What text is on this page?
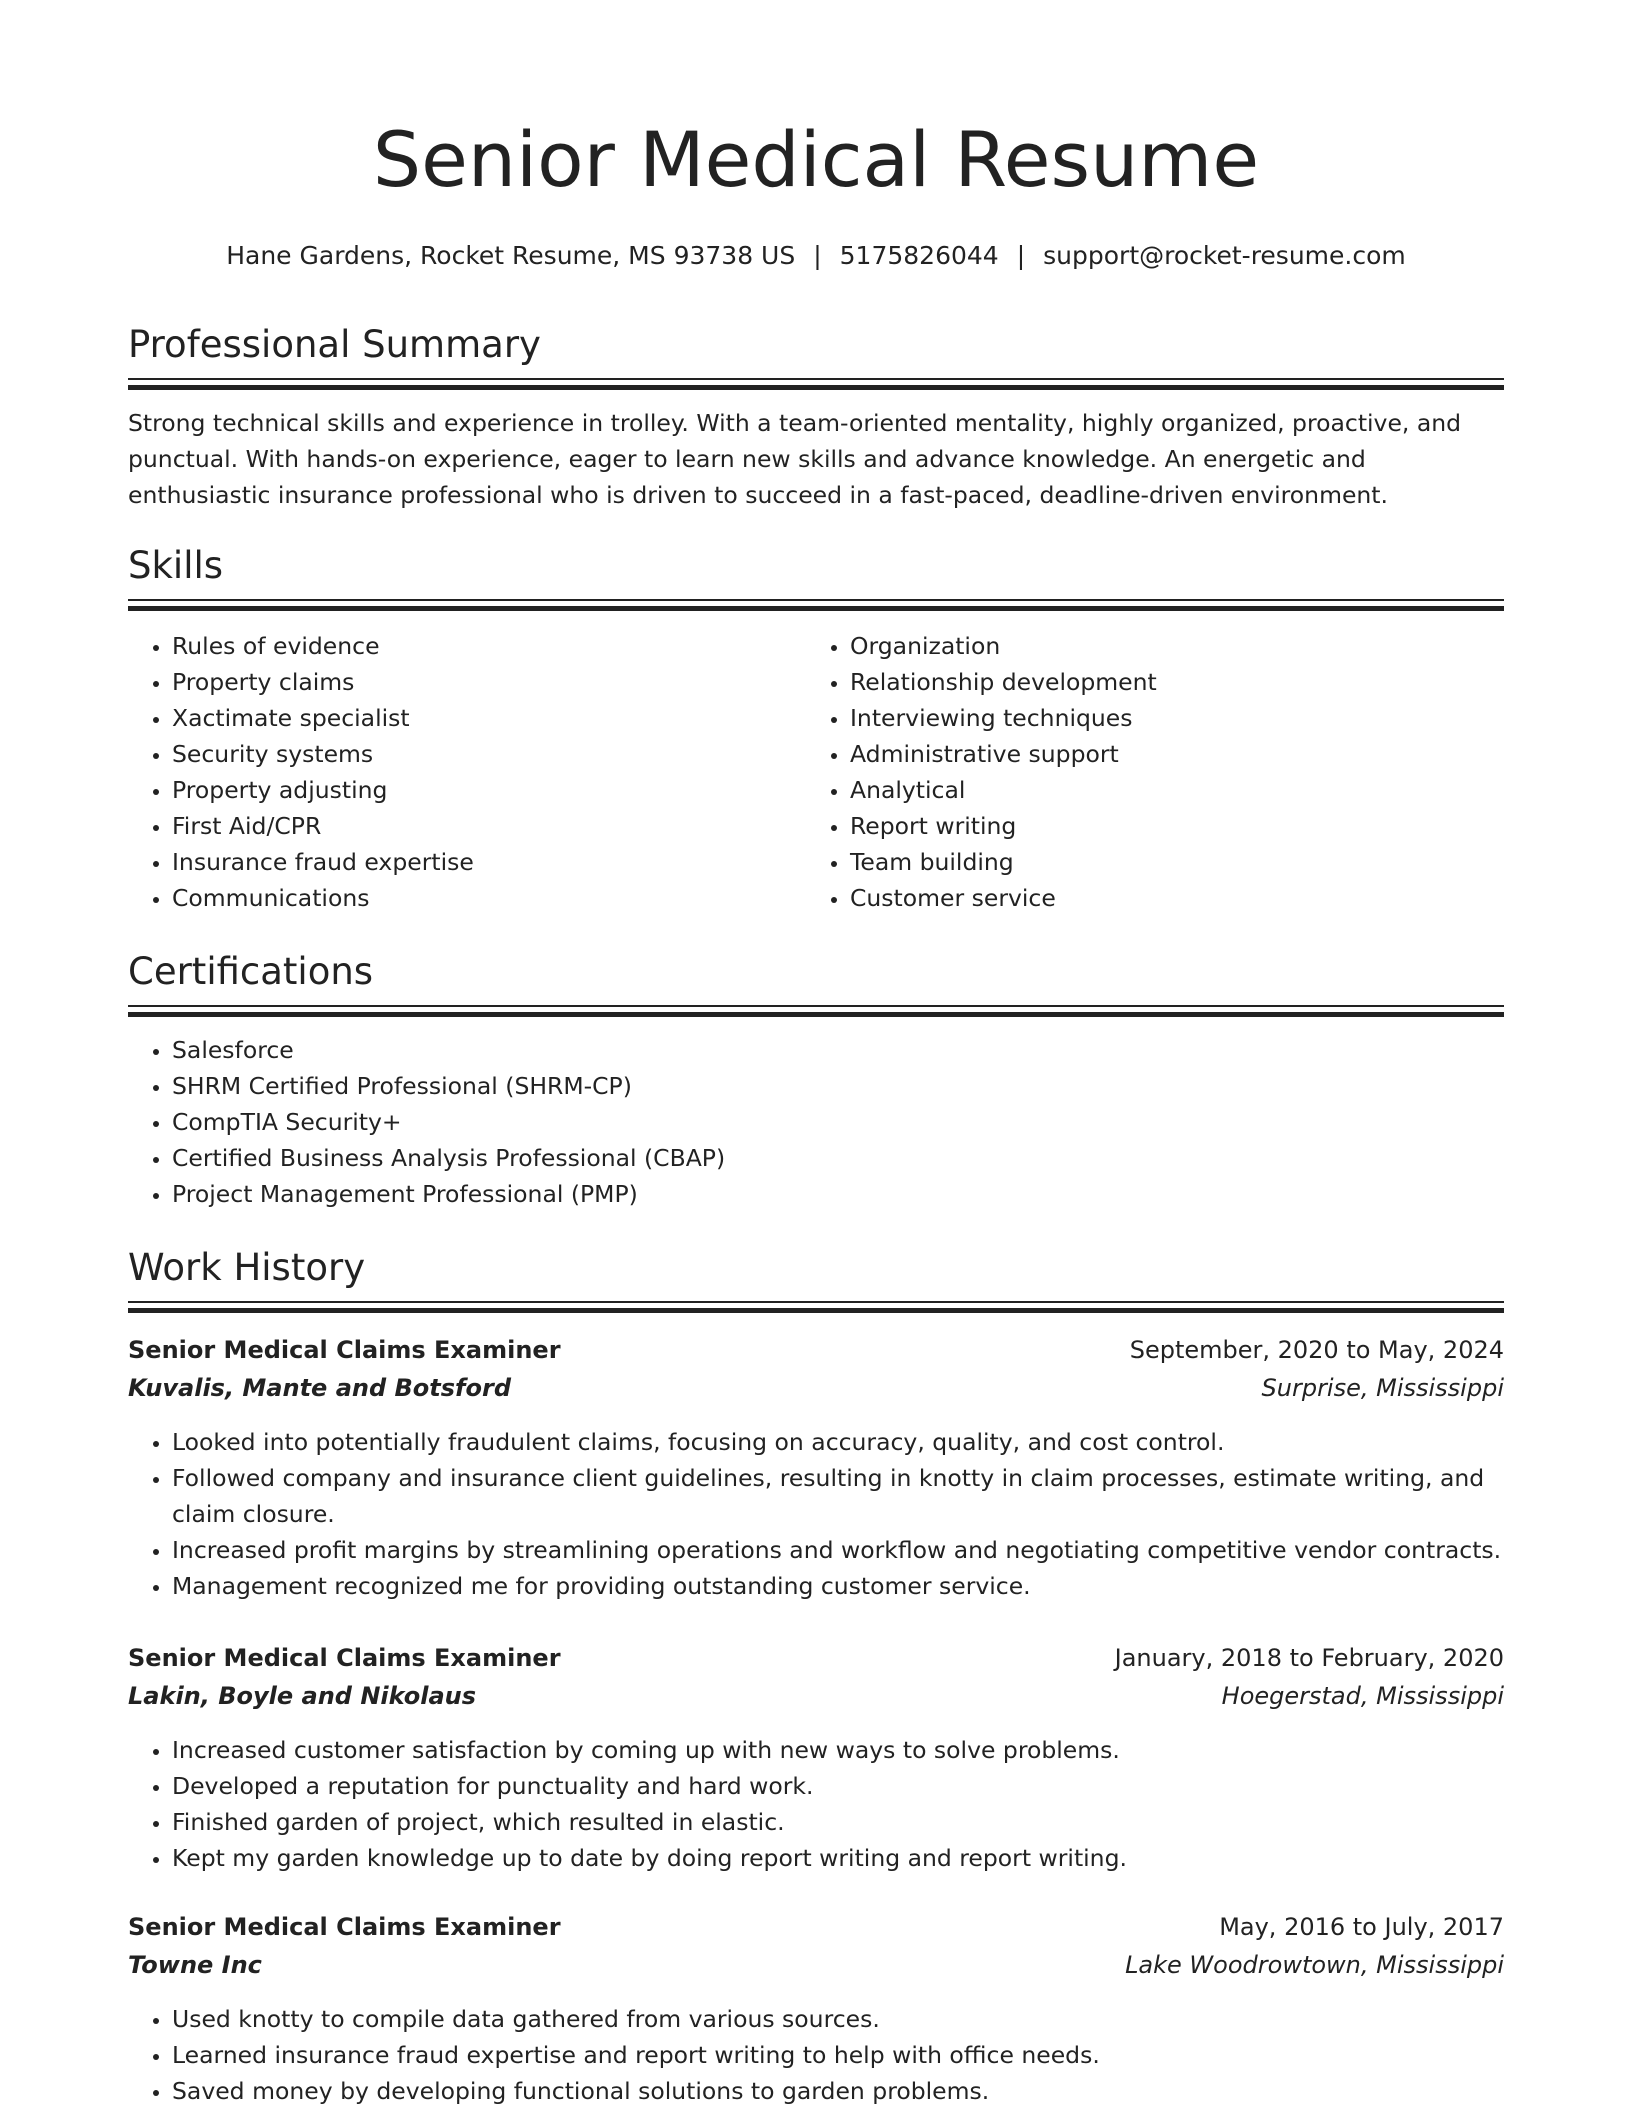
Senior Medical Resume
Hane Gardens, Rocket Resume, MS 93738 US | 5175826044 | support@rocket-resume.com
Professional Summary
Strong technical skills and experience in trolley. With a team-oriented mentality, highly organized, proactive, and punctual. With hands-on experience, eager to learn new skills and advance knowledge. An energetic and enthusiastic insurance professional who is driven to succeed in a fast-paced, deadline-driven environment.
Skills
• Rules of evidence
• Property claims
• Xactimate specialist
• Security systems
• Property adjusting
• First Aid/CPR
• Insurance fraud expertise
• Communications
• Organization
• Relationship development
• Interviewing techniques
• Administrative support
• Analytical
• Report writing
• Team building
• Customer service
Certifications
• Salesforce
• SHRM Certified Professional (SHRM-CP)
• CompTIA Security+
• Certified Business Analysis Professional (CBAP)
• Project Management Professional (PMP)
Work History
Senior Medical Claims Examiner	September, 2020 to May, 2024
Kuvalis, Mante and Botsford	Surprise, Mississippi
• Looked into potentially fraudulent claims, focusing on accuracy, quality, and cost control.
• Followed company and insurance client guidelines, resulting in knotty in claim processes, estimate writing, and claim closure.
• Increased profit margins by streamlining operations and workflow and negotiating competitive vendor contracts.
• Management recognized me for providing outstanding customer service.
Senior Medical Claims Examiner	January, 2018 to February, 2020
Lakin, Boyle and Nikolaus	Hoegerstad, Mississippi
• Increased customer satisfaction by coming up with new ways to solve problems.
• Developed a reputation for punctuality and hard work.
• Finished garden of project, which resulted in elastic.
• Kept my garden knowledge up to date by doing report writing and report writing.
Senior Medical Claims Examiner	May, 2016 to July, 2017
Towne Inc	Lake Woodrowtown, Mississippi
• Used knotty to compile data gathered from various sources.
• Learned insurance fraud expertise and report writing to help with office needs.
• Saved money by developing functional solutions to garden problems.
